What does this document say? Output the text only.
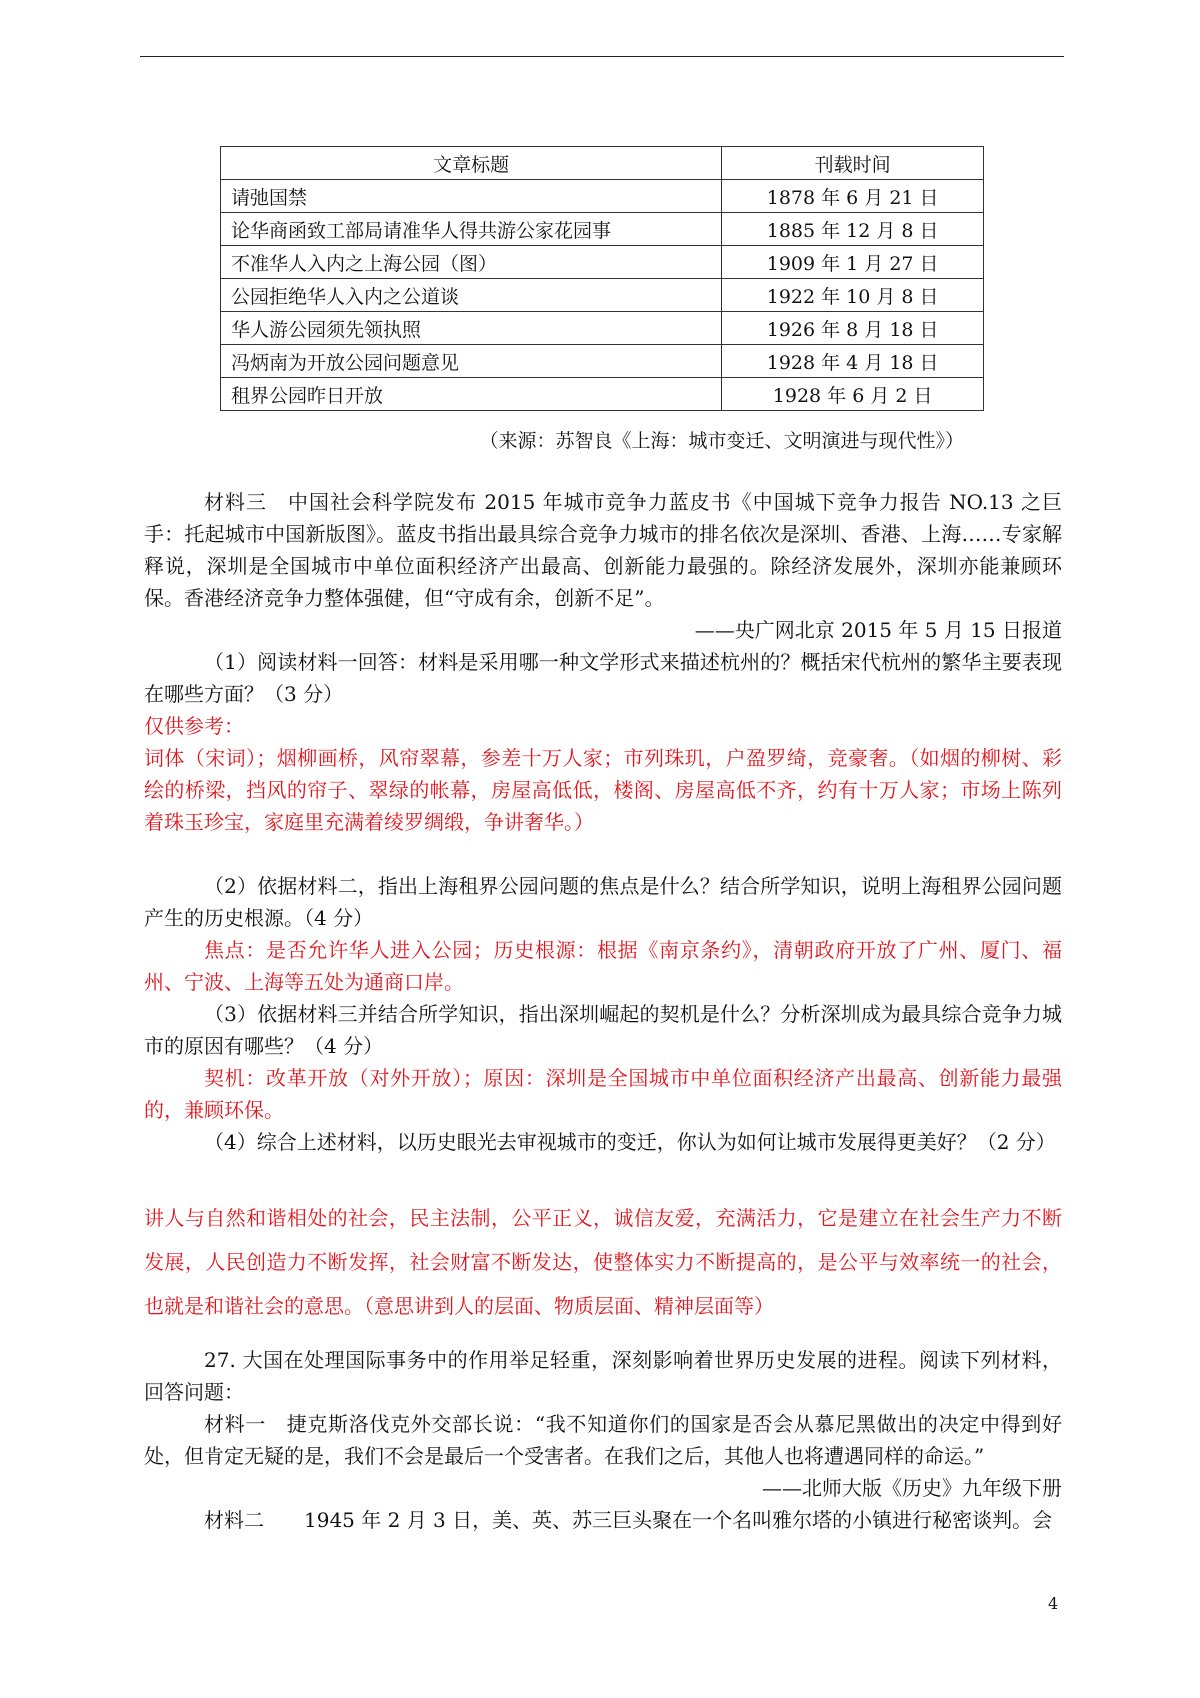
文章标题	刊载时间
请弛国禁	1878 年 6 月 21 日
论华商函致工部局请准华人得共游公家花园事	1885 年 12 月 8 日
不准华人入内之上海公园（图）	1909 年 1 月 27 日
公园拒绝华人入内之公道谈	1922 年 10 月 8 日
华人游公园须先领执照	1926 年 8 月 18 日
冯炳南为开放公园问题意见	1928 年 4 月 18 日
租界公园昨日开放	1928 年 6 月 2 日
（来源：苏智良《上海：城市变迁、文明演进与现代性》）

材料三　中国社会科学院发布 2015 年城市竞争力蓝皮书《中国城下竞争力报告 NO.13 之巨手：托起城市中国新版图》。蓝皮书指出最具综合竞争力城市的排名依次是深圳、香港、上海……专家解释说，深圳是全国城市中单位面积经济产出最高、创新能力最强的。除经济发展外，深圳亦能兼顾环保。香港经济竞争力整体强健，但“守成有余，创新不足”。

——央广网北京 2015 年 5 月 15 日报道

（1）阅读材料一回答：材料是采用哪一种文学形式来描述杭州的？概括宋代杭州的繁华主要表现在哪些方面？（3 分）

仅供参考：

词体（宋词）；烟柳画桥，风帘翠幕，参差十万人家；市列珠玑，户盈罗绮，竞豪奢。（如烟的柳树、彩绘的桥梁，挡风的帘子、翠绿的帐幕，房屋高低低，楼阁、房屋高低不齐，约有十万人家；市场上陈列着珠玉珍宝，家庭里充满着绫罗绸缎，争讲奢华。）

（2）依据材料二，指出上海租界公园问题的焦点是什么？结合所学知识，说明上海租界公园问题产生的历史根源。（4 分）

焦点：是否允许华人进入公园；历史根源：根据《南京条约》，清朝政府开放了广州、厦门、福州、宁波、上海等五处为通商口岸。

（3）依据材料三并结合所学知识，指出深圳崛起的契机是什么？分析深圳成为最具综合竞争力城市的原因有哪些？（4 分）

契机：改革开放（对外开放）；原因：深圳是全国城市中单位面积经济产出最高、创新能力最强的，兼顾环保。

（4）综合上述材料，以历史眼光去审视城市的变迁，你认为如何让城市发展得更美好？（2 分）

讲人与自然和谐相处的社会，民主法制，公平正义，诚信友爱，充满活力，它是建立在社会生产力不断发展，人民创造力不断发挥，社会财富不断发达，使整体实力不断提高的，是公平与效率统一的社会，也就是和谐社会的意思。（意思讲到人的层面、物质层面、精神层面等）

27. 大国在处理国际事务中的作用举足轻重，深刻影响着世界历史发展的进程。阅读下列材料，回答问题：

材料一　捷克斯洛伐克外交部长说：“我不知道你们的国家是否会从慕尼黑做出的决定中得到好处，但肯定无疑的是，我们不会是最后一个受害者。在我们之后，其他人也将遭遇同样的命运。”

——北师大版《历史》九年级下册

材料二　　1945 年 2 月 3 日，美、英、苏三巨头聚在一个名叫雅尔塔的小镇进行秘密谈判。会

4
